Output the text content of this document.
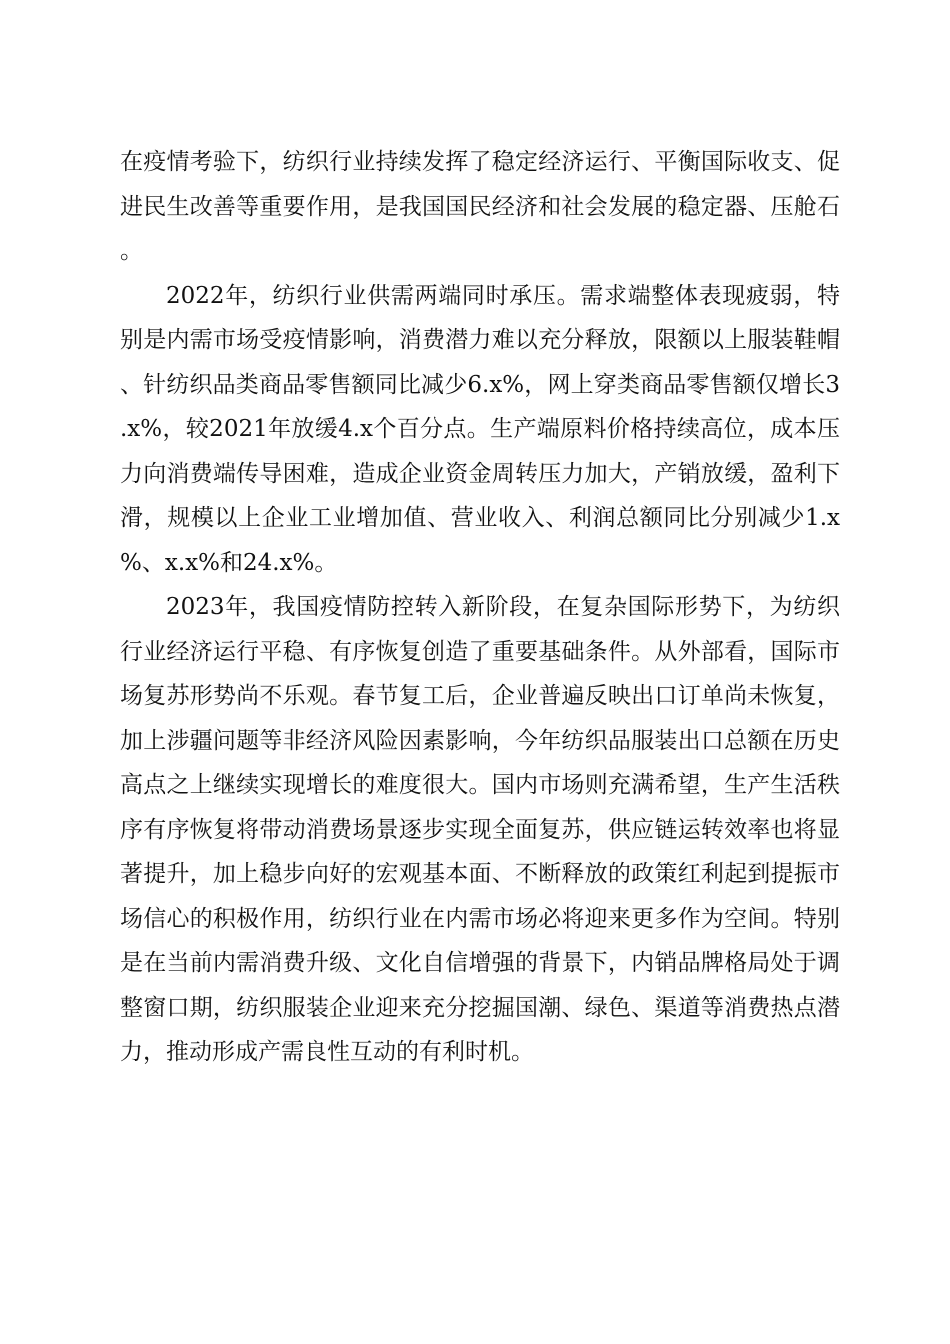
在疫情考验下，纺织行业持续发挥了稳定经济运行、平衡国际收支、促进民生改善等重要作用，是我国国民经济和社会发展的稳定器、压舱石。

2022年，纺织行业供需两端同时承压。需求端整体表现疲弱，特别是内需市场受疫情影响，消费潜力难以充分释放，限额以上服装鞋帽、针纺织品类商品零售额同比减少6.x%，网上穿类商品零售额仅增长3.x%，较2021年放缓4.x个百分点。生产端原料价格持续高位，成本压力向消费端传导困难，造成企业资金周转压力加大，产销放缓，盈利下滑，规模以上企业工业增加值、营业收入、利润总额同比分别减少1.x%、x.x%和24.x%。

2023年，我国疫情防控转入新阶段，在复杂国际形势下，为纺织行业经济运行平稳、有序恢复创造了重要基础条件。从外部看，国际市场复苏形势尚不乐观。春节复工后，企业普遍反映出口订单尚未恢复，加上涉疆问题等非经济风险因素影响，今年纺织品服装出口总额在历史高点之上继续实现增长的难度很大。国内市场则充满希望，生产生活秩序有序恢复将带动消费场景逐步实现全面复苏，供应链运转效率也将显著提升，加上稳步向好的宏观基本面、不断释放的政策红利起到提振市场信心的积极作用，纺织行业在内需市场必将迎来更多作为空间。特别是在当前内需消费升级、文化自信增强的背景下，内销品牌格局处于调整窗口期，纺织服装企业迎来充分挖掘国潮、绿色、渠道等消费热点潜力，推动形成产需良性互动的有利时机。
